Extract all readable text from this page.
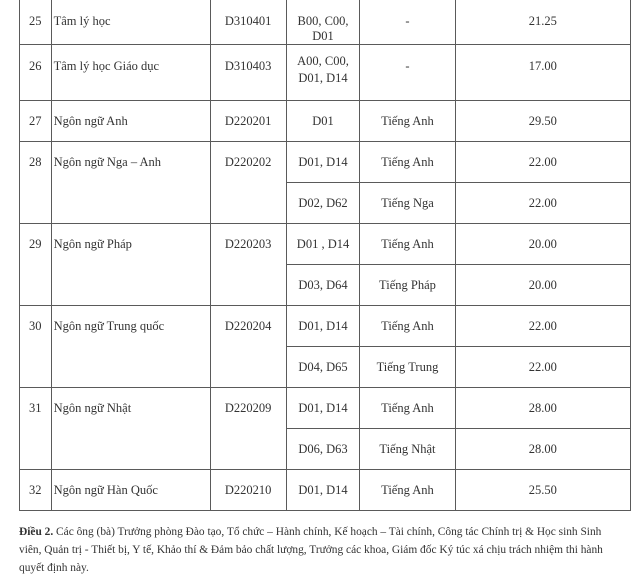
25	Tâm lý học	D310401	B00, C00, D01	-	21.25
26	Tâm lý học Giáo dục	D310403	A00, C00, D01, D14	-	17.00
27	Ngôn ngữ Anh	D220201	D01	Tiếng Anh	29.50
28	Ngôn ngữ Nga – Anh	D220202	D01, D14	Tiếng Anh	22.00
			D02, D62	Tiếng Nga	22.00
29	Ngôn ngữ Pháp	D220203	D01 , D14	Tiếng Anh	20.00
			D03, D64	Tiếng Pháp	20.00
30	Ngôn ngữ Trung quốc	D220204	D01, D14	Tiếng Anh	22.00
			D04, D65	Tiếng Trung	22.00
31	Ngôn ngữ Nhật	D220209	D01, D14	Tiếng Anh	28.00
			D06, D63	Tiếng Nhật	28.00
32	Ngôn ngữ Hàn Quốc	D220210	D01, D14	Tiếng Anh	25.50

Điều 2. Các ông (bà) Trưởng phòng Đào tạo, Tổ chức – Hành chính, Kế hoạch – Tài chính, Công tác Chính trị & Học sinh Sinh viên, Quản trị - Thiết bị, Y tế, Khảo thí & Đảm bảo chất lượng, Trưởng các khoa, Giám đốc Ký túc xá chịu trách nhiệm thi hành quyết định này.
